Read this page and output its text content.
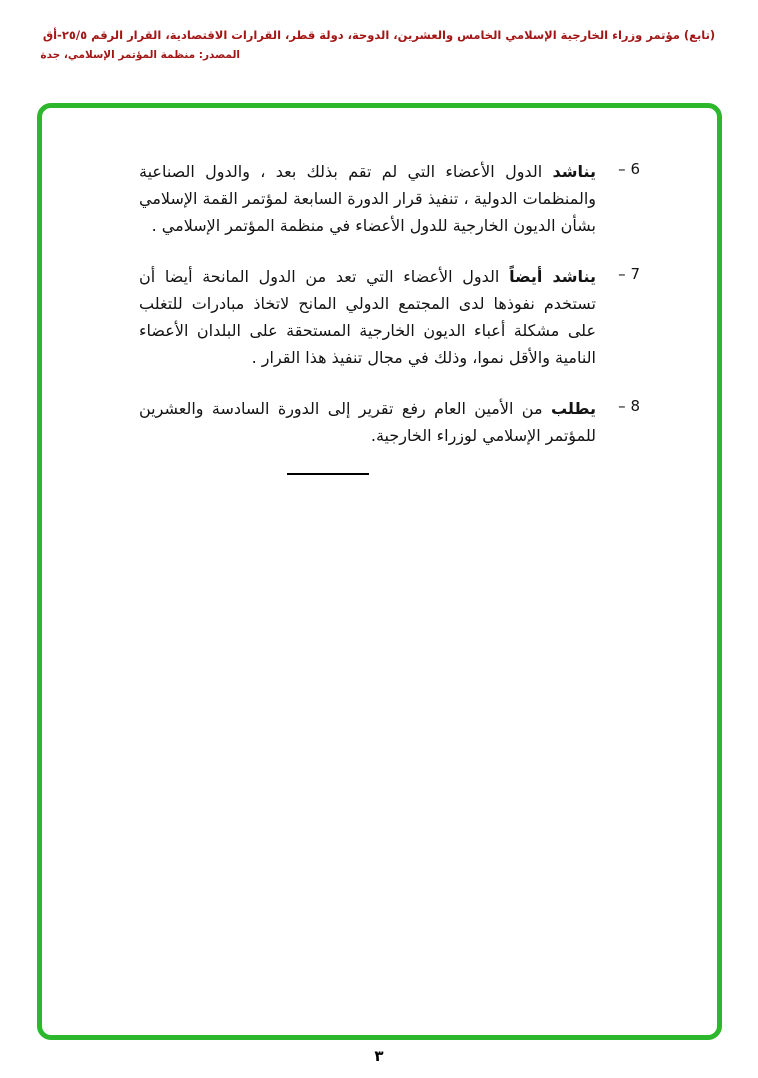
(تابع) مؤتمر وزراء الخارجية الإسلامي الخامس والعشرين، الدوحة، دولة قطر، القرارات الاقتصادية، القرار الرقم ٢٥/٥-أق
المصدر: منظمة المؤتمر الإسلامي، جدة
6 –

يناشد الدول الأعضاء التي لم تقم بذلك بعد ، والدول الصناعية والمنظمات الدولية ، تنفيذ قرار الدورة السابعة لمؤتمر القمة الإسلامي بشأن الديون الخارجية للدول الأعضاء في منظمة المؤتمر الإسلامي .

7 –

يناشد أيضاً الدول الأعضاء التي تعد من الدول المانحة أيضا أن تستخدم نفوذها لدى المجتمع الدولي المانح لاتخاذ مبادرات للتغلب على مشكلة أعباء الديون الخارجية المستحقة على البلدان الأعضاء النامية والأقل نموا، وذلك في مجال تنفيذ هذا القرار .

8 –

يطلب من الأمين العام رفع تقرير إلى الدورة السادسة والعشرين للمؤتمر الإسلامي لوزراء الخارجية.

٣
